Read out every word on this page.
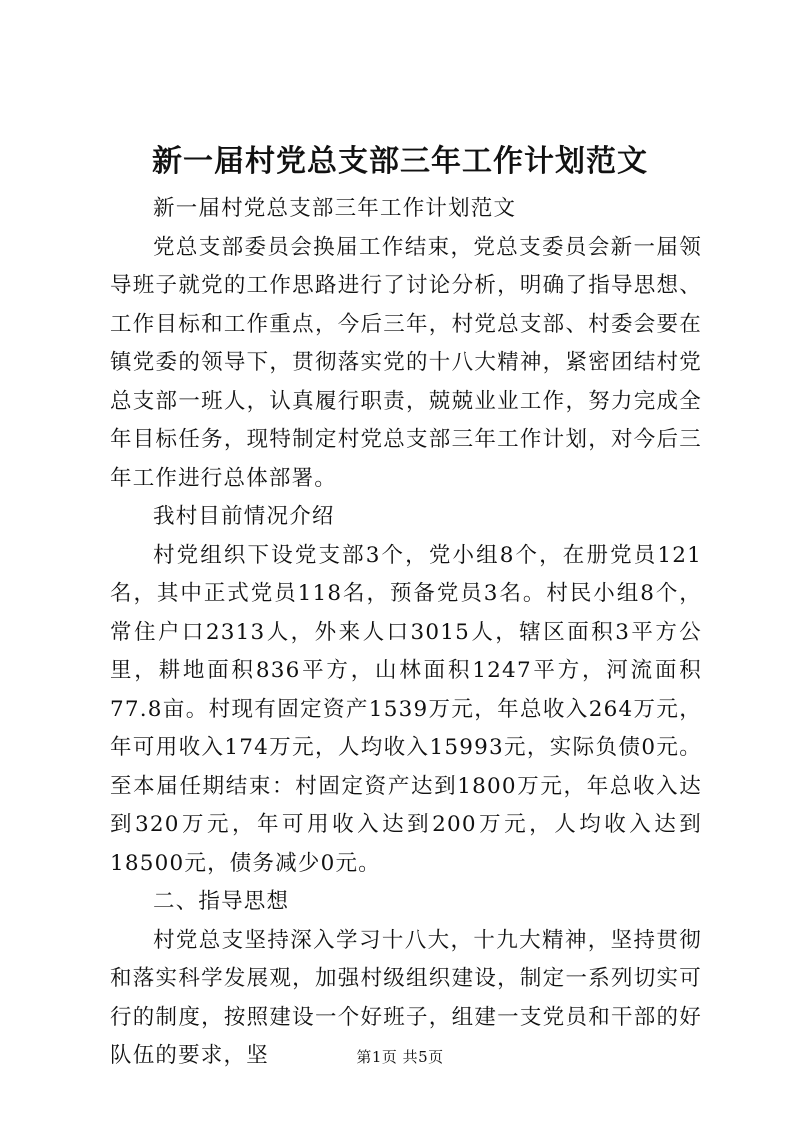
新一届村党总支部三年工作计划范文

新一届村党总支部三年工作计划范文

党总支部委员会换届工作结束，党总支委员会新一届领导班子就党的工作思路进行了讨论分析，明确了指导思想、工作目标和工作重点，今后三年，村党总支部、村委会要在镇党委的领导下，贯彻落实党的十八大精神，紧密团结村党总支部一班人，认真履行职责，兢兢业业工作，努力完成全年目标任务，现特制定村党总支部三年工作计划，对今后三年工作进行总体部署。

我村目前情况介绍

村党组织下设党支部3个，党小组8个，在册党员121名，其中正式党员118名，预备党员3名。村民小组8个，常住户口2313人，外来人口3015人，辖区面积3平方公里，耕地面积836平方，山林面积1247平方，河流面积77.8亩。村现有固定资产1539万元，年总收入264万元，年可用收入174万元，人均收入15993元，实际负债0元。至本届任期结束：村固定资产达到1800万元，年总收入达到320万元，年可用收入达到200万元，人均收入达到18500元，债务减少0元。

二、指导思想

村党总支坚持深入学习十八大，十九大精神，坚持贯彻和落实科学发展观，加强村级组织建设，制定一系列切实可行的制度，按照建设一个好班子，组建一支党员和干部的好队伍的要求，坚	第1页 共5页
